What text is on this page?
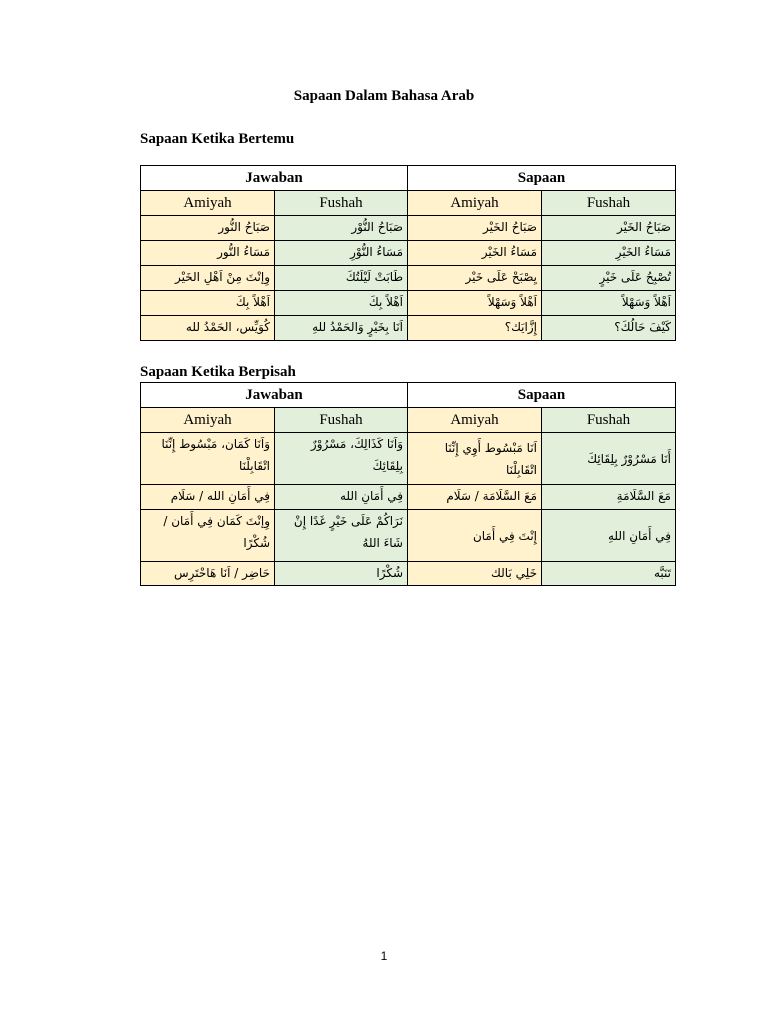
Sapaan Dalam Bahasa Arab
Sapaan Ketika Bertemu
Jawaban		Sapaan	
Amiyah	Fushah	Amiyah	Fushah
صَبَاحُ النُّور	صَبَاحُ النُّوْر	صَبَاحُ الخَيْر	صَبَاحُ الخَيْر
مَسَاءُ النُّور	مَسَاءُ النُّوْرِ	مَسَاءُ الخَيْر	مَسَاءُ الخَيْرِ
وِإنْتَ مِنْ اَهْلِ الخَيْر	طَابَتْ لَيْلَتُكَ	يِصْبَحْ عَلَى خَيْر	تُصْبِحُ عَلَى خَيْرٍ
اَهْلاً بِكَ	اَهْلاً بِكَ	اَهْلاً وَسَهْلاً	اَهْلاً وَسَهْلاً
كُوَيِّس، الحَمْدُ لله	اَنَا بِخَيْرٍ وَالحَمْدُ للهِ	إِزَّايَك؟	كَيْفَ حَالُكَ؟
Sapaan Ketika Berpisah
Jawaban		Sapaan	
Amiyah	Fushah	Amiyah	Fushah
وَاَنَا كَمَان، مَبْسُوط إِنِّنَا اتْقَابِلْنَا	وَاَنَا كَذَالِكَ، مَسْرُوْرٌ بِلِقَائِكَ	اَنَا مَبْسُوط أَوِي إِنِّنَا اتْقَابِلْنَا	أَنَا مَسْرُوْرٌ بِلِقَائِكَ
فِي أَمَانِ الله / سَلَام	فِي أَمَانِ الله	مَعَ السَّلَامَة / سَلَام	مَعَ السَّلَامَةِ
وِإنْتَ كَمَان فِي أَمَان / شُكْرًا	نَرَاكُمْ عَلَى خَيْرٍ غَدًا إِنْ شَاءَ اللهُ	إِنْتَ فِي أَمَان	فِي أَمَانِ اللهِ
حَاضِر / اَنَا هَاحْتَرِس	شُكْرًا	خَلِي بَالك	تَنَبَّه
1
